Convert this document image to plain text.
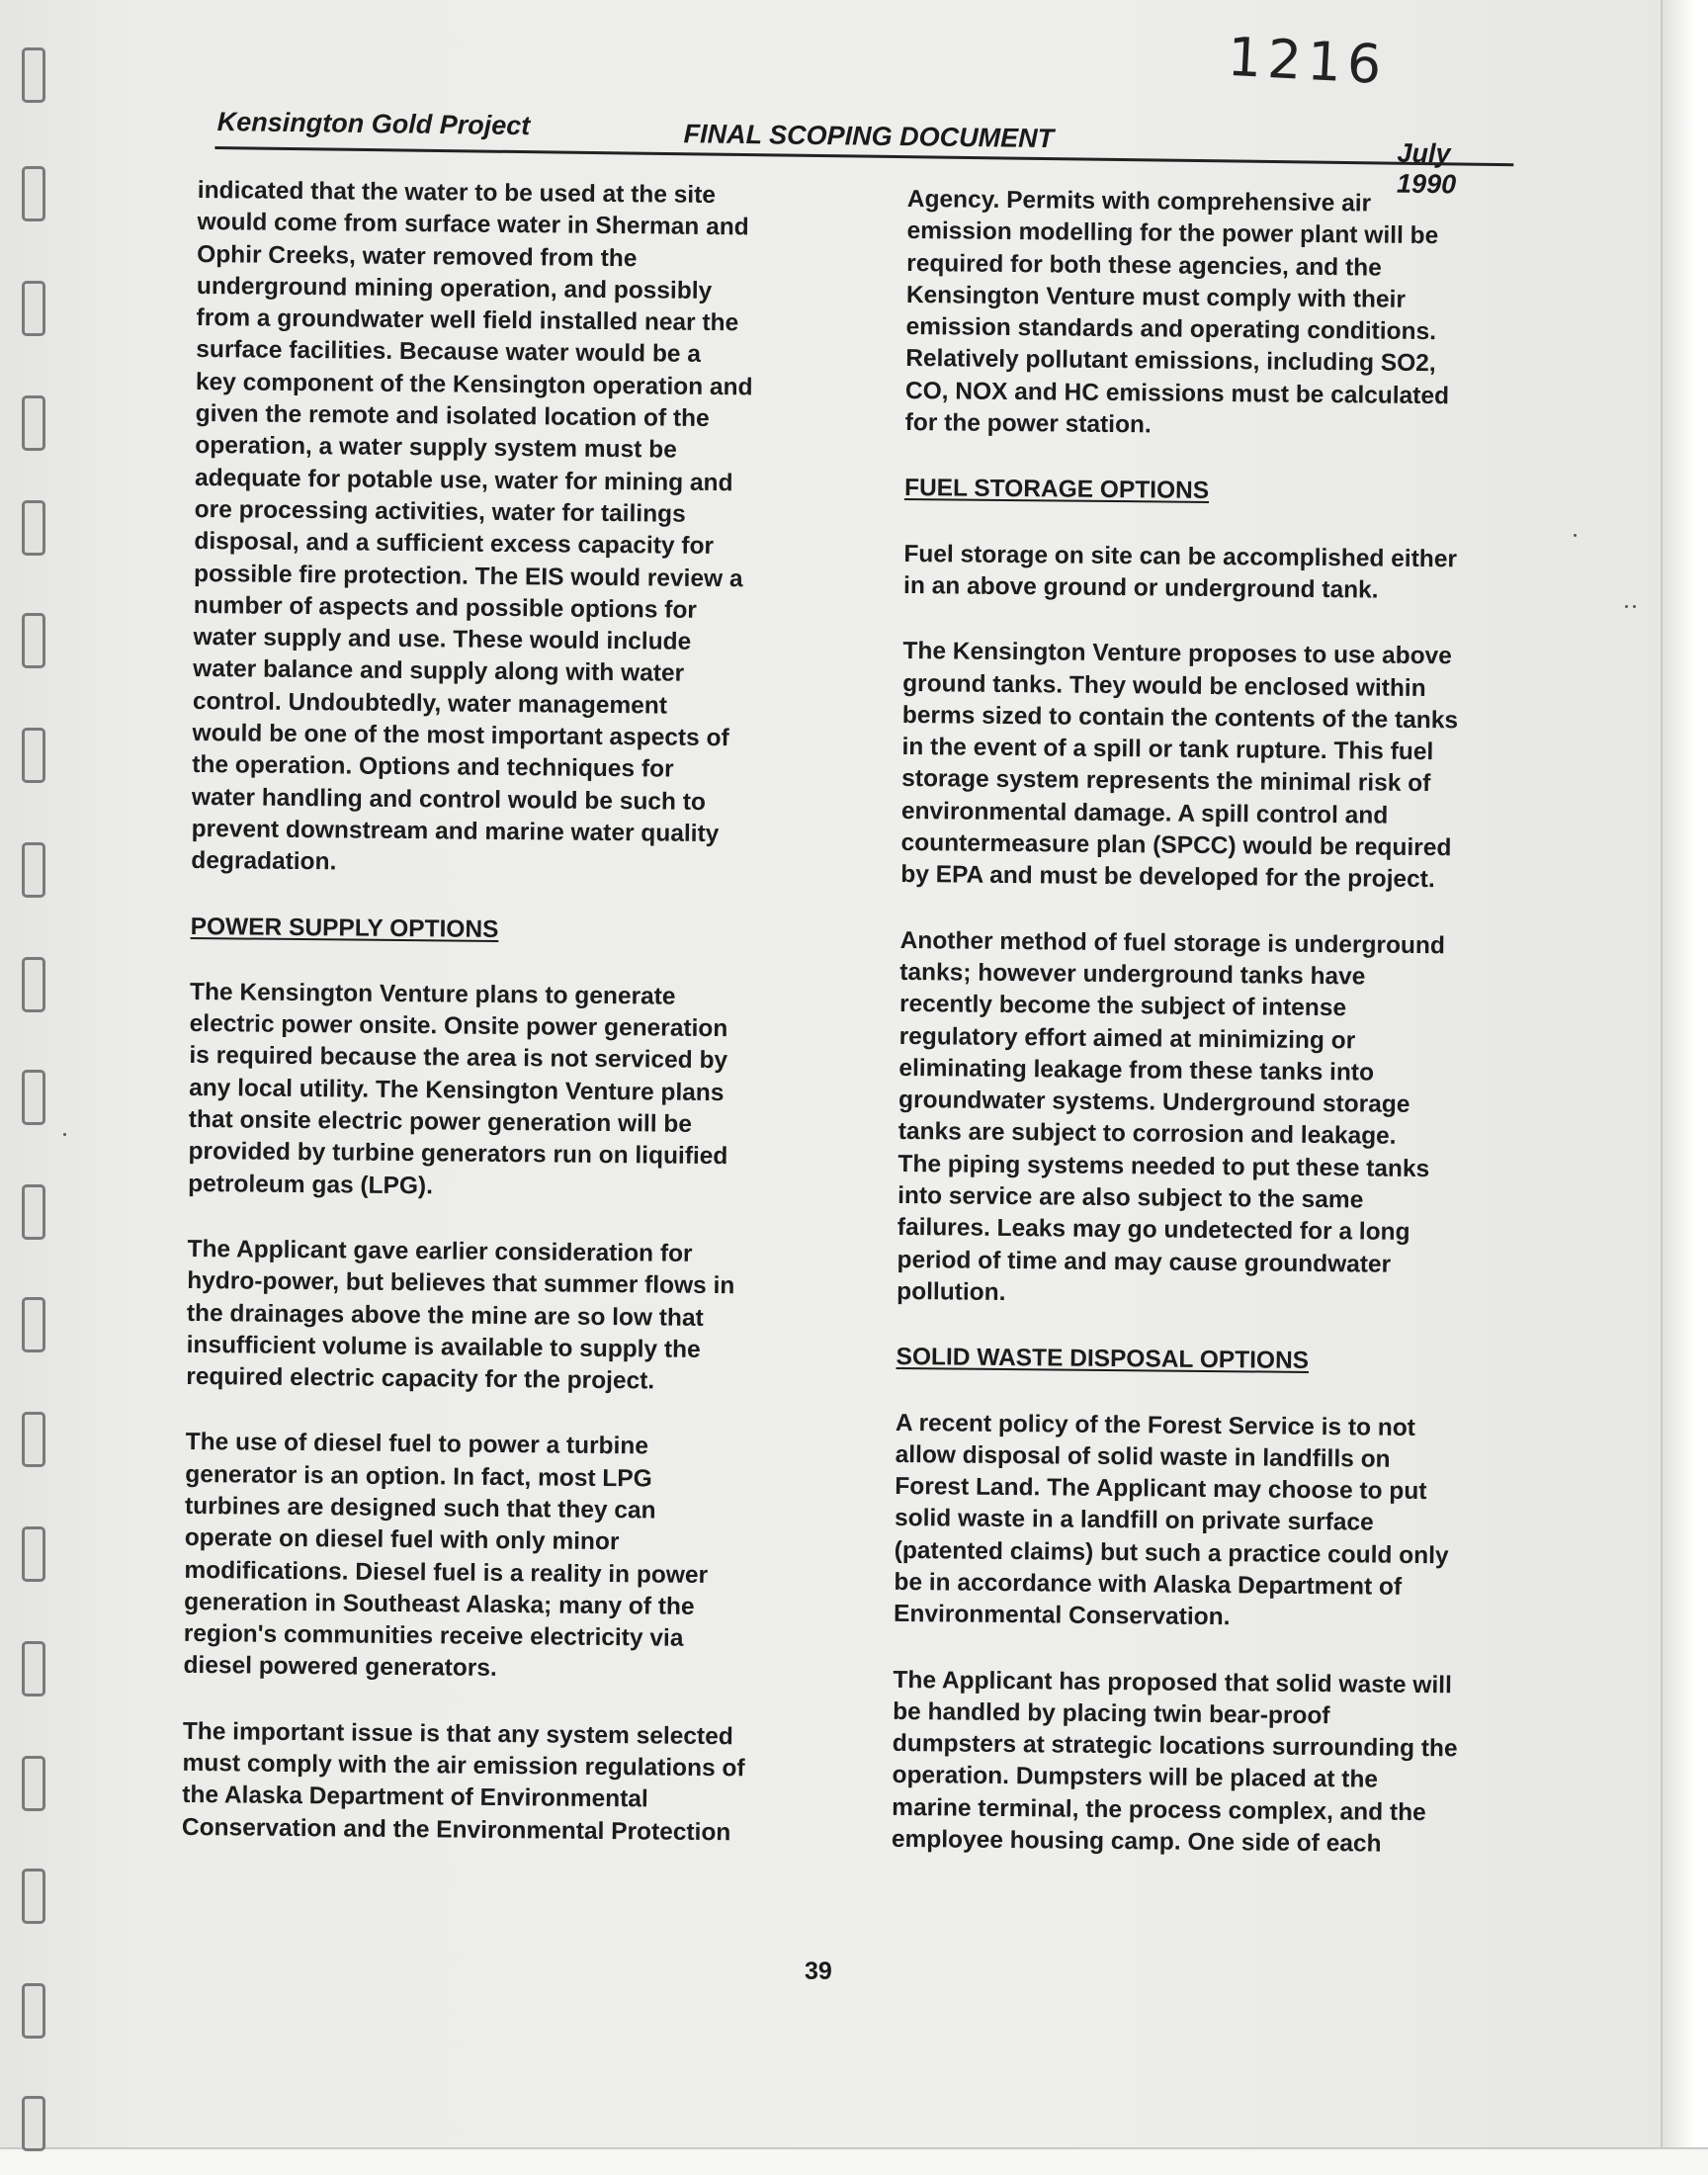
1216
Kensington Gold Project	FINAL SCOPING DOCUMENT	July 1990

indicated that the water to be used at the site
would come from surface water in Sherman and
Ophir Creeks, water removed from the
underground mining operation, and possibly
from a groundwater well field installed near the
surface facilities. Because water would be a
key component of the Kensington operation and
given the remote and isolated location of the
operation, a water supply system must be
adequate for potable use, water for mining and
ore processing activities, water for tailings
disposal, and a sufficient excess capacity for
possible fire protection. The EIS would review a
number of aspects and possible options for
water supply and use. These would include
water balance and supply along with water
control. Undoubtedly, water management
would be one of the most important aspects of
the operation. Options and techniques for
water handling and control would be such to
prevent downstream and marine water quality
degradation.

POWER SUPPLY OPTIONS

The Kensington Venture plans to generate
electric power onsite. Onsite power generation
is required because the area is not serviced by
any local utility. The Kensington Venture plans
that onsite electric power generation will be
provided by turbine generators run on liquified
petroleum gas (LPG).

The Applicant gave earlier consideration for
hydro-power, but believes that summer flows in
the drainages above the mine are so low that
insufficient volume is available to supply the
required electric capacity for the project.

The use of diesel fuel to power a turbine
generator is an option. In fact, most LPG
turbines are designed such that they can
operate on diesel fuel with only minor
modifications. Diesel fuel is a reality in power
generation in Southeast Alaska; many of the
region's communities receive electricity via
diesel powered generators.

The important issue is that any system selected
must comply with the air emission regulations of
the Alaska Department of Environmental
Conservation and the Environmental Protection

Agency. Permits with comprehensive air
emission modelling for the power plant will be
required for both these agencies, and the
Kensington Venture must comply with their
emission standards and operating conditions.
Relatively pollutant emissions, including SO2,
CO, NOX and HC emissions must be calculated
for the power station.

FUEL STORAGE OPTIONS

Fuel storage on site can be accomplished either
in an above ground or underground tank.

The Kensington Venture proposes to use above
ground tanks. They would be enclosed within
berms sized to contain the contents of the tanks
in the event of a spill or tank rupture. This fuel
storage system represents the minimal risk of
environmental damage. A spill control and
countermeasure plan (SPCC) would be required
by EPA and must be developed for the project.

Another method of fuel storage is underground
tanks; however underground tanks have
recently become the subject of intense
regulatory effort aimed at minimizing or
eliminating leakage from these tanks into
groundwater systems. Underground storage
tanks are subject to corrosion and leakage.
The piping systems needed to put these tanks
into service are also subject to the same
failures. Leaks may go undetected for a long
period of time and may cause groundwater
pollution.

SOLID WASTE DISPOSAL OPTIONS

A recent policy of the Forest Service is to not
allow disposal of solid waste in landfills on
Forest Land. The Applicant may choose to put
solid waste in a landfill on private surface
(patented claims) but such a practice could only
be in accordance with Alaska Department of
Environmental Conservation.

The Applicant has proposed that solid waste will
be handled by placing twin bear-proof
dumpsters at strategic locations surrounding the
operation. Dumpsters will be placed at the
marine terminal, the process complex, and the
employee housing camp. One side of each

39
